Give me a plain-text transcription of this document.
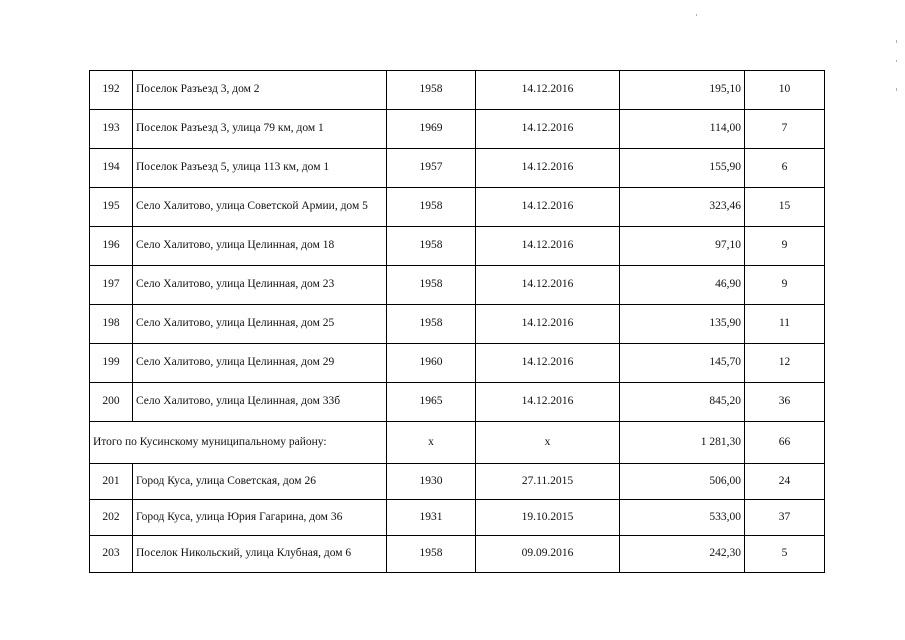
192	Поселок Разъезд 3, дом 2	1958	14.12.2016	195,10	10
193	Поселок Разъезд 3, улица 79 км, дом 1	1969	14.12.2016	114,00	7
194	Поселок Разъезд 5, улица 113 км, дом 1	1957	14.12.2016	155,90	6
195	Село Халитово, улица Советской Армии, дом 5	1958	14.12.2016	323,46	15
196	Село Халитово, улица Целинная, дом 18	1958	14.12.2016	97,10	9
197	Село Халитово, улица Целинная, дом 23	1958	14.12.2016	46,90	9
198	Село Халитово, улица Целинная, дом 25	1958	14.12.2016	135,90	11
199	Село Халитово, улица Целинная, дом 29	1960	14.12.2016	145,70	12
200	Село Халитово, улица Целинная, дом 33б	1965	14.12.2016	845,20	36
Итого по Кусинскому муниципальному району:		x	x	1 281,30	66
201	Город Куса, улица Советская, дом 26	1930	27.11.2015	506,00	24
202	Город Куса, улица Юрия Гагарина, дом 36	1931	19.10.2015	533,00	37
203	Поселок Никольский, улица Клубная, дом 6	1958	09.09.2016	242,30	5
